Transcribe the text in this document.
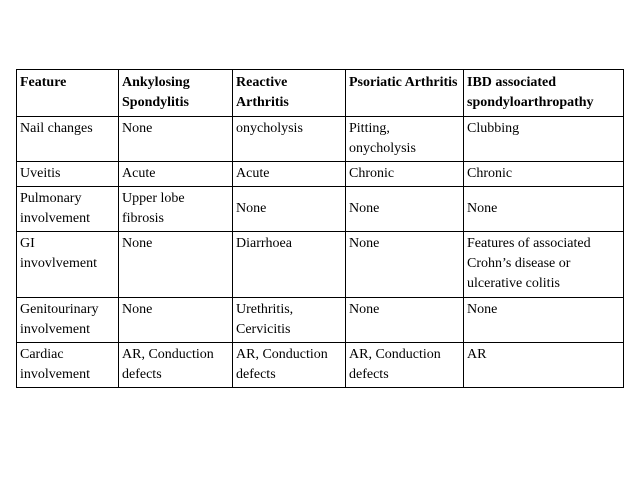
Feature	Ankylosing Spondylitis	Reactive Arthritis	Psoriatic Arthritis	IBD associated spondyloarthropathy
Nail changes	None	onycholysis	Pitting, onycholysis	Clubbing
Uveitis	Acute	Acute	Chronic	Chronic
Pulmonary involvement	Upper lobe fibrosis	None	None	None
GI invovlvement	None	Diarrhoea	None	Features of associated Crohn’s disease or ulcerative colitis
Genitourinary involvement	None	Urethritis, Cervicitis	None	None
Cardiac involvement	AR, Conduction defects	AR, Conduction defects	AR, Conduction defects	AR
